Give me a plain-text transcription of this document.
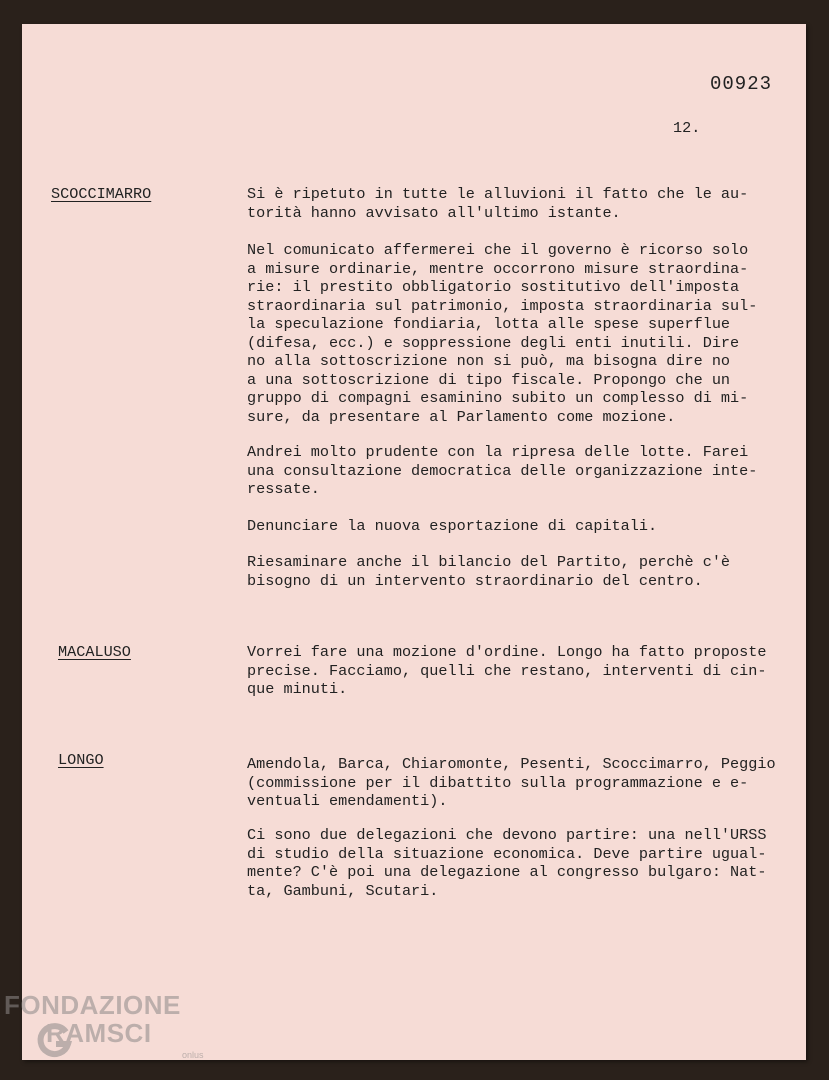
00923
12.
SCOCCIMARRO	Si è ripetuto in tutte le alluvioni il fatto che le au-
torità hanno avvisato all'ultimo istante.
Nel comunicato affermerei che il governo è ricorso solo
a misure ordinarie, mentre occorrono misure straordina-
rie: il prestito obbligatorio sostitutivo dell'imposta
straordinaria sul patrimonio, imposta straordinaria sul-
la speculazione fondiaria, lotta alle spese superflue
(difesa, ecc.) e soppressione degli enti inutili. Dire
no alla sottoscrizione non si può, ma bisogna dire no
a una sottoscrizione di tipo fiscale. Propongo che un
gruppo di compagni esaminino subito un complesso di mi-
sure, da presentare al Parlamento come mozione.
Andrei molto prudente con la ripresa delle lotte. Farei
una consultazione democratica delle organizzazione inte-
ressate.
Denunciare la nuova esportazione di capitali.
Riesaminare anche il bilancio del Partito, perchè c'è
bisogno di un intervento straordinario del centro.
MACALUSO	Vorrei fare una mozione d'ordine. Longo ha fatto proposte
precise. Facciamo, quelli che restano, interventi di cin-
que minuti.
LONGO	Amendola, Barca, Chiaromonte, Pesenti, Scoccimarro, Peggio
(commissione per il dibattito sulla programmazione e e-
ventuali emendamenti).
Ci sono due delegazioni che devono partire: una nell'URSS
di studio della situazione economica. Deve partire ugual-
mente? C'è poi una delegazione al congresso bulgaro: Nat-
ta, Gambuni, Scutari.
FONDAZIONE
RAMSCI
onlus
